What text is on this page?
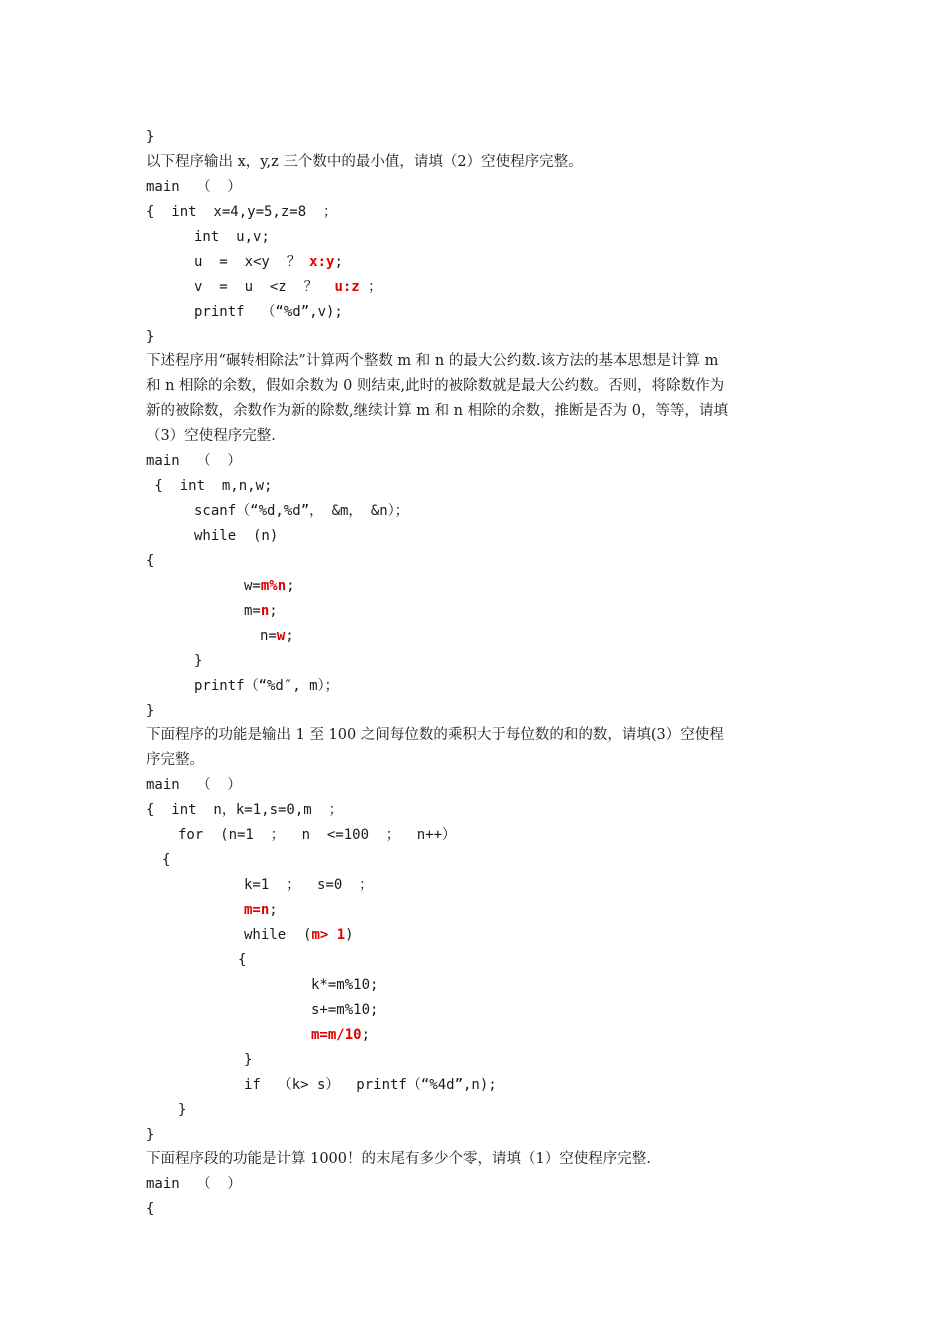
}
以下程序输出 x，y,z 三个数中的最小值，请填（2）空使程序完整。
main  （  ）
{  int  x=4,y=5,z=8  ；
int  u,v;
u  =  x<y  ？ x:y;
v  =  u  <z  ？  u:z ；
printf  （“%d”,v);
}
下述程序用“碾转相除法”计算两个整数 m 和 n 的最大公约数.该方法的基本思想是计算 m
和 n 相除的余数，假如余数为 0 则结束,此时的被除数就是最大公约数。否则，将除数作为
新的被除数，余数作为新的除数,继续计算 m 和 n 相除的余数，推断是否为 0，等等，请填
（3）空使程序完整.
main  （  ）
{  int  m,n,w;
scanf（“%d,%d”， &m， &n）；
while  (n)
{
w=m%n;
m=n;
n=w;
}
printf（“%d″, m）；
}
下面程序的功能是输出 1 至 100 之间每位数的乘积大于每位数的和的数，请填(3）空使程
序完整。
main  （  ）
{  int  n，k=1,s=0,m  ；
for  (n=1  ；  n  <=100  ；  n++）
{
k=1  ；  s=0  ；
m=n;
while  (m> 1)
{
k*=m%10;
s+=m%10;
m=m/10;
}
if  （k> s）  printf（“%4d”,n);
}
}
下面程序段的功能是计算 1000！的末尾有多少个零，请填（1）空使程序完整.
main  （  ）
{
